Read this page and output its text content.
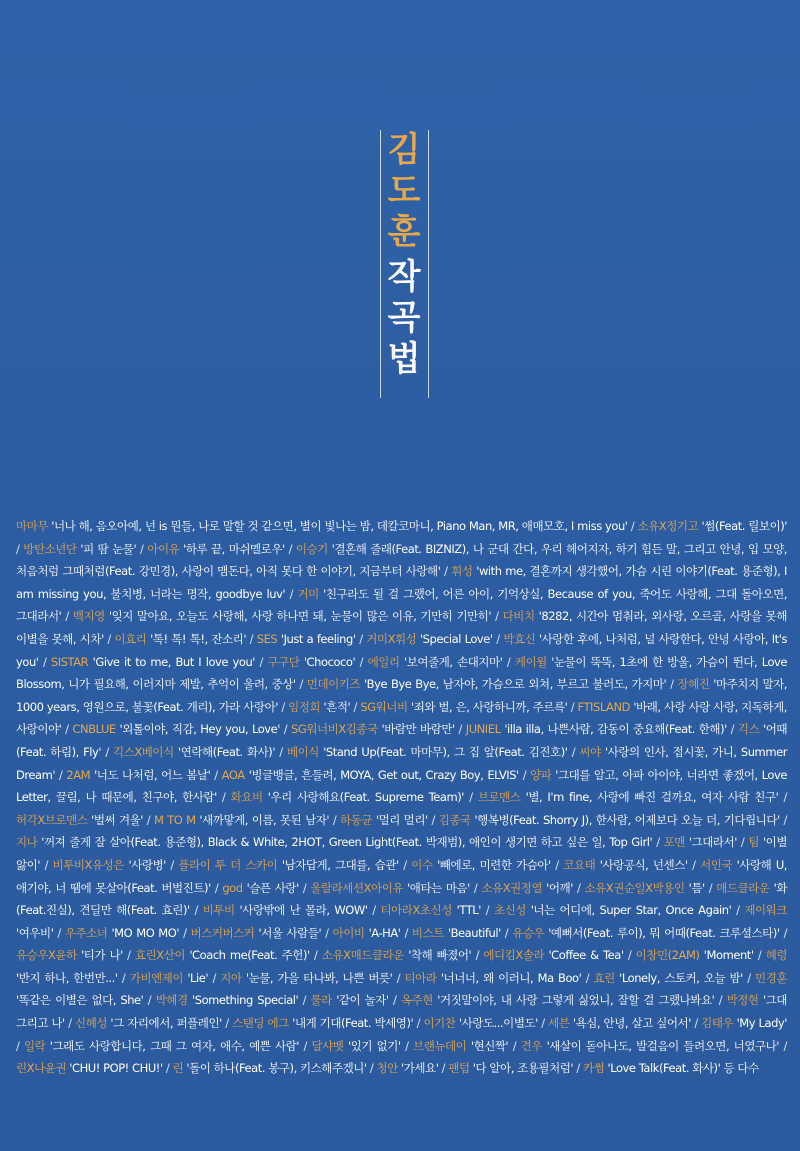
김
도
훈
작
곡
법
마마무 '너나 해, 음오아예, 넌 is 뭔들, 나로 말할 것 같으면, 별이 빛나는 밤, 데칼코마니, Piano Man, MR, 애매모호, I miss you' / 소유X정기고 '썸(Feat. 릴보이)' / 방탄소년단 '피 땀 눈물' / 아이유 '하루 끝, 마쉬멜로우' / 이승기 '결혼해 줄래(Feat. BIZNIZ), 나 군대 간다, 우리 헤어지자, 하기 힘든 말, 그리고 안녕, 입 모양, 처음처럼 그때처럼(Feat. 강민경), 사랑이 맴돈다, 아직 못다 한 이야기, 지금부터 사랑해' / 휘성 'with me, 결혼까지 생각했어, 가슴 시린 이야기(Feat. 용준형), I am missing you, 불치병, 너라는 명작, goodbye luv' / 거미 '친구라도 될 걸 그랬어, 어른 아이, 기억상실, Because of you, 죽어도 사랑해, 그대 돌아오면, 그대라서' / 백지영 '잊지 말아요, 오늘도 사랑해, 사랑 하나면 돼, 눈물이 많은 이유, 기만히 기만히' / 다비치 '8282, 시간아 멈춰라, 외사랑, 오르골, 사랑을 못해 이별을 못해, 시차' / 이효리 '톡! 톡! 톡!, 잔소리' / SES 'Just a feeling' / 거미X휘성 'Special Love' / 박효신 '사랑한 후에, 나처럼, 널 사랑한다, 안녕 사랑아, It's you' / SISTAR 'Give it to me, But I love you' / 구구단 'Chococo' / 에일리 '보여줄게, 손대지마' / 케이윌 '눈물이 뚝뚝, 1초에 한 방울, 가슴이 뛴다, Love Blossom, 니가 필요해, 이러지마 제발, 추억이 울려, 중상' / 먼데이키즈 'Bye Bye Bye, 남자야, 가슴으로 외쳐, 부르고 불러도, 가지마' / 장혜진 '마주치지 말자, 1000 years, 영원으로, 불꽃(Feat. 개리), 가라 사랑아' / 임정희 '흔적' / SG워너비 '죄와 벌, 은, 사랑하니까, 주르륵' / FTISLAND '바래, 사랑 사랑 사랑, 지독하게, 사랑이야' / CNBLUE '외톨이야, 직감, Hey you, Love' / SG워너비X김종국 '바람만 바람만' / JUNIEL 'illa illa, 나쁜사람, 감동이 중요해(Feat. 한해)' / 긱스 '어때(Feat. 하림), Fly' / 긱스X베이식 '연락해(Feat. 화사)' / 베이식 'Stand Up(Feat. 마마무), 그 집 앞(Feat. 김진호)' / 씨야 '사랑의 인사, 접시꽃, 가니, Summer Dream' / 2AM '너도 나처럼, 어느 봄날' / AOA '빙글뱅글, 흔들려, MOYA, Get out, Crazy Boy, ELVIS' / 양파 '그대를 알고, 아파 아이야, 너라면 좋겠어, Love Letter, 끌림, 나 때문에, 친구야, 한사람' / 화요비 '우리 사랑해요(Feat. Supreme Team)' / 브로맨스 '별, I'm fine, 사랑에 빠진 걸까요, 여자 사람 친구' / 허각X브로맨스 '벌써 겨울' / M TO M '새까맣게, 이름, 못된 남자' / 하동균 '멀리 멀리' / 김종국 '행복병(Feat. Shorry J), 한사람, 어제보다 오늘 더, 기다립니다' / 지나 '꺼져 줄게 잘 살아(Feat. 용준형), Black & White, 2HOT, Green Light(Feat. 박재범), 애인이 생기면 하고 싶은 일, Top Girl' / 포맨 '그대라서' / 팀 '이별 앓이' / 비투비X유성은 '사랑병' / 플라이 투 더 스카이 '남자답게, 그대를, 습관' / 이수 '빼에로, 미련한 가슴아' / 코요태 '사랑공식, 넌센스' / 서인국 '사랑해 U, 애기야, 너 땜에 못살아(Feat. 버벌진트)' / god '슬픈 사랑' / 울랄라세션X아이유 '애타는 마음' / 소유X권정열 '어깨' / 소유X권순일X박용인 '틈' / 매드클라운 '화(Feat.진실), 견딜만 해(Feat. 효린)' / 비투비 '사랑밖에 난 몰라, WOW' / 티아라X초신성 'TTL' / 초신성 '너는 어디에, Super Star, Once Again' / 제이워크 '여우비' / 우주소녀 'MO MO MO' / 버스커버스커 '서울 사람들' / 아이비 'A-HA' / 비스트 'Beautiful' / 유승우 '예뻐서(Feat. 루이), 뭐 어때(Feat. 크루셜스타)' / 유승우X윤하 '티가 나' / 효린X산이 'Coach me(Feat. 주헌)' / 소유X매드클라운 '착해 빠졌어' / 에디킴X솔라 'Coffee & Tea' / 이창민(2AM) 'Moment' / 혜령 '반지 하나, 한번만...' / 가비엔제이 'Lie' / 지아 '눈물, 가을 타나봐, 나쁜 버릇' / 티아라 '너너너, 왜 이러니, Ma Boo' / 효린 'Lonely, 스토커, 오늘 밤' / 민경훈 '똑같은 이별은 없다, She' / 박혜경 'Something Special' / 룰라 '같이 놀자' / 옥주현 '거짓말이야, 내 사랑 그렇게 싫었니, 잘할 걸 그랬나봐요' / 박정현 '그대 그리고 나' / 신혜성 '그 자리에서, 퍼플레인' / 스탠딩 에그 '내게 기대(Feat. 박세영)' / 이기찬 '사랑도...이별도' / 세븐 '욕심, 안녕, 살고 싶어서' / 김태우 'My Lady' / 일락 '그래도 사랑합니다, 그때 그 여자, 애수, 예쁜 사람' / 달샤벳 '있기 없기' / 브랜뉴데이 '현신짝' / 견우 '새살이 돋아나도, 발걸음이 들려오면, 너였구나' / 린X나윤권 'CHU! POP! CHU!' / 린 '돌이 하나(Feat. 봉구), 키스해주겠니' / 청안 '가세요' / 팬텀 '다 알아, 조용필처럼' / 카썸 'Love Talk(Feat. 화사)' 등 다수
